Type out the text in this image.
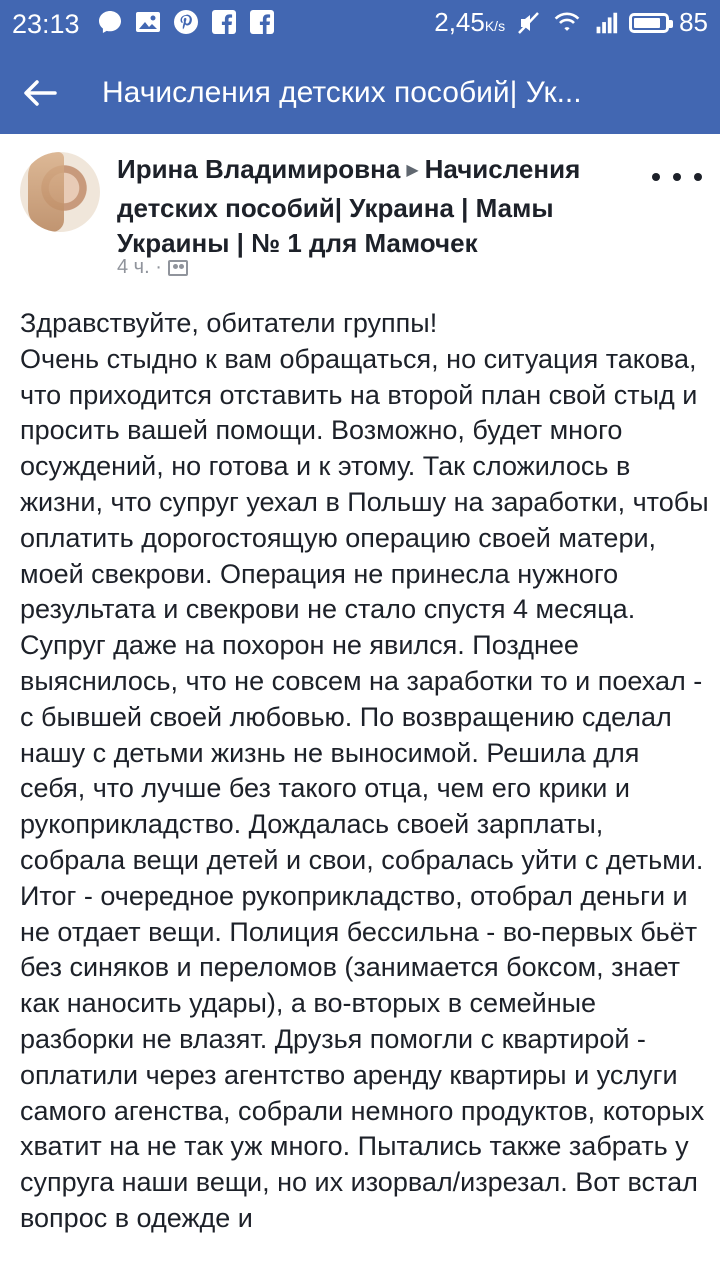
23:13	2,45K/s	85
Начисления детских пособий| Ук...
Ирина Владимировна ▶ Начисления детских пособий| Украина | Мамы Украины | № 1 для Мамочек
4 ч. ·

Здравствуйте, обитатели группы!

Очень стыдно к вам обращаться, но ситуация такова, что приходится отставить на второй план свой стыд и просить вашей помощи. Возможно, будет много осуждений, но готова и к этому. Так сложилось в жизни, что супруг уехал в Польшу на заработки, чтобы оплатить дорогостоящую операцию своей матери, моей свекрови. Операция не принесла нужного результата и свекрови не стало спустя 4 месяца. Супруг даже на похорон не явился. Позднее выяснилось, что не совсем на заработки то и поехал - с бывшей своей любовью. По возвращению сделал нашу с детьми жизнь не выносимой. Решила для себя, что лучше без такого отца, чем его крики и рукоприкладство. Дождалась своей зарплаты, собрала вещи детей и свои, собралась уйти с детьми. Итог - очередное рукоприкладство, отобрал деньги и не отдает вещи. Полиция бессильна - во-первых бьёт без синяков и переломов (занимается боксом, знает как наносить удары), а во-вторых в семейные разборки не влазят. Друзья помогли с квартирой - оплатили через агентство аренду квартиры и услуги самого агенства, собрали немного продуктов, которых хватит на не так уж много. Пытались также забрать у супруга наши вещи, но их изорвал/изрезал. Вот встал вопрос в одежде и
